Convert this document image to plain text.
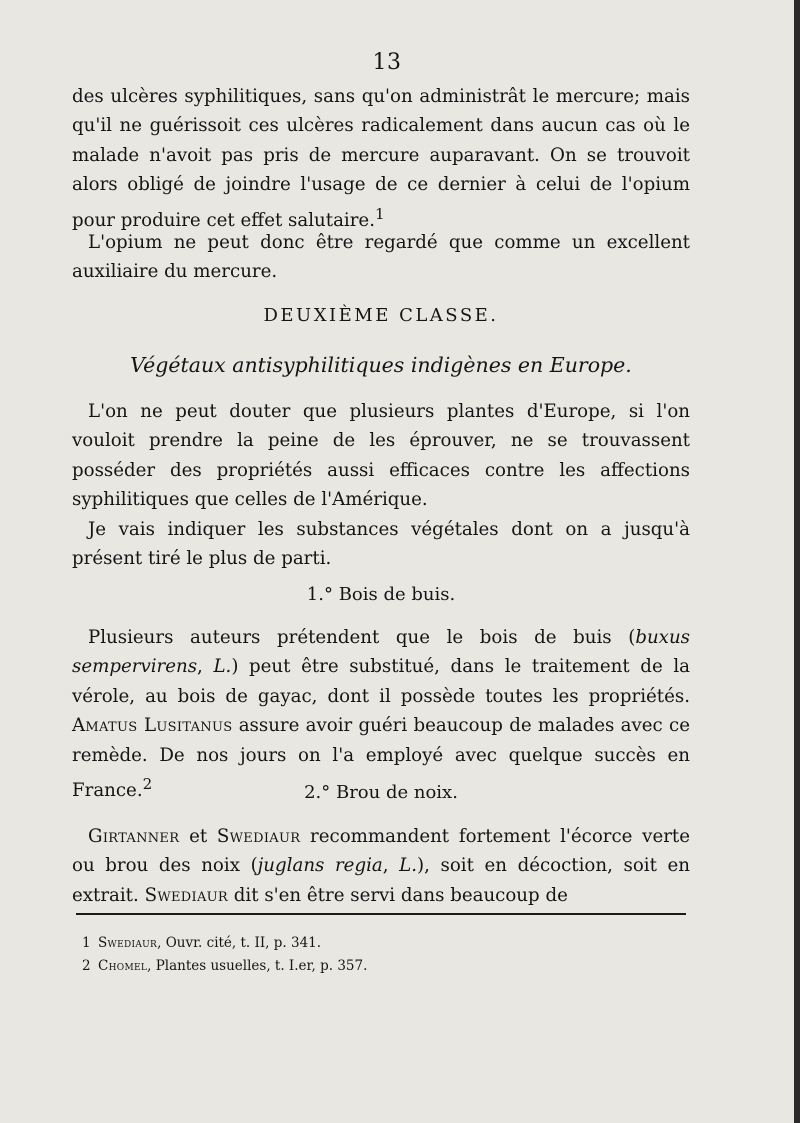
13

des ulcères syphilitiques, sans qu'on administrât le mercure; mais qu'il ne guérissoit ces ulcères radicalement dans aucun cas où le malade n'avoit pas pris de mercure auparavant. On se trouvoit alors obligé de joindre l'usage de ce dernier à celui de l'opium pour produire cet effet salutaire.$^1$

L'opium ne peut donc être regardé que comme un excellent auxiliaire du mercure.

DEUXIÈME CLASSE.
Végétaux antisyphilitiques indigènes en Europe.

L'on ne peut douter que plusieurs plantes d'Europe, si l'on vouloit prendre la peine de les éprouver, ne se trouvassent posséder des propriétés aussi efficaces contre les affections syphilitiques que celles de l'Amérique.

Je vais indiquer les substances végétales dont on a jusqu'à présent tiré le plus de parti.

1.° Bois de buis.

Plusieurs auteurs prétendent que le bois de buis (buxus sempervirens, L.) peut être substitué, dans le traitement de la vérole, au bois de gayac, dont il possède toutes les propriétés. Amatus Lusitanus assure avoir guéri beaucoup de malades avec ce remède. De nos jours on l'a employé avec quelque succès en France.$^2$	2.° Brou de noix.

Girtanner et Swediaur recommandent fortement l'écorce verte ou brou des noix (juglans regia, L.), soit en décoction, soit en extrait. Swediaur dit s'en être servi dans beaucoup de

1 Swediaur, Ouvr. cité, t. II, p. 341.
2 Chomel, Plantes usuelles, t. I.er, p. 357.
